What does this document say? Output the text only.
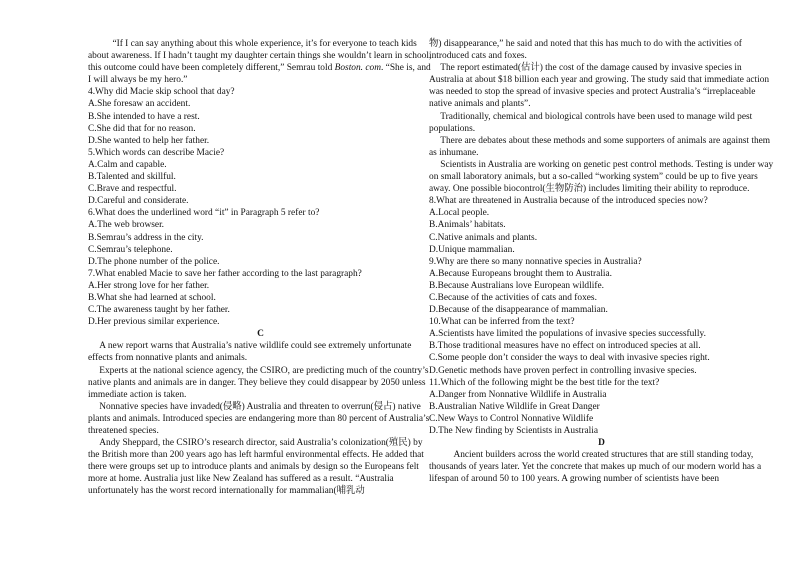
“If I can say anything about this whole experience, it’s for everyone to teach kids about awareness. If I hadn’t taught my daughter certain things she wouldn’t learn in school, this outcome could have been completely different,” Semrau told Boston. com. “She is, and I will always be my hero.”

4.Why did Macie skip school that day?

A.She foresaw an accident.

B.She intended to have a rest.

C.She did that for no reason.

D.She wanted to help her father.

5.Which words can describe Macie?

A.Calm and capable.

B.Talented and skillful.

C.Brave and respectful.

D.Careful and considerate.

6.What does the underlined word “it” in Paragraph 5 refer to?

A.The web browser.

B.Semrau’s address in the city.

C.Semrau’s telephone.

D.The phone number of the police.

7.What enabled Macie to save her father according to the last paragraph?

A.Her strong love for her father.

B.What she had learned at school.

C.The awareness taught by her father.

D.Her previous similar experience.

C

A new report warns that Australia’s native wildlife could see extremely unfortunate effects from nonnative plants and animals.

Experts at the national science agency, the CSIRO, are predicting much of the country’s native plants and animals are in danger. They believe they could disappear by 2050 unless immediate action is taken.

Nonnative species have invaded(侵略) Australia and threaten to overrun(侵占) native plants and animals. Introduced species are endangering more than 80 percent of Australia’s threatened species.

Andy Sheppard, the CSIRO’s research director, said Australia’s colonization(殖民) by the British more than 200 years ago has left harmful environmental effects. He added that there were groups set up to introduce plants and animals by design so the Europeans felt more at home. Australia just like New Zealand has suffered as a result. “Australia unfortunately has the worst record internationally for mammalian(哺乳动

物) disappearance,” he said and noted that this has much to do with the activities of introduced cats and foxes.

The report estimated(估计) the cost of the damage caused by invasive species in Australia at about $18 billion each year and growing. The study said that immediate action was needed to stop the spread of invasive species and protect Australia’s “irreplaceable native animals and plants”.

Traditionally, chemical and biological controls have been used to manage wild pest populations.

There are debates about these methods and some supporters of animals are against them as inhumane.

Scientists in Australia are working on genetic pest control methods. Testing is under way on small laboratory animals, but a so-called “working system” could be up to five years away. One possible biocontrol(生物防治) includes limiting their ability to reproduce.

8.What are threatened in Australia because of the introduced species now?

A.Local people.

B.Animals’ habitats.

C.Native animals and plants.

D.Unique mammalian.

9.Why are there so many nonnative species in Australia?

A.Because Europeans brought them to Australia.

B.Because Australians love European wildlife.

C.Because of the activities of cats and foxes.

D.Because of the disappearance of mammalian.

10.What can be inferred from the text?

A.Scientists have limited the populations of invasive species successfully.

B.Those traditional measures have no effect on introduced species at all.

C.Some people don’t consider the ways to deal with invasive species right.

D.Genetic methods have proven perfect in controlling invasive species.

11.Which of the following might be the best title for the text?

A.Danger from Nonnative Wildlife in Australia

B.Australian Native Wildlife in Great Danger

C.New Ways to Control Nonnative Wildlife

D.The New finding by Scientists in Australia

D

Ancient builders across the world created structures that are still standing today, thousands of years later. Yet the concrete that makes up much of our modern world has a lifespan of around 50 to 100 years. A growing number of scientists have been
